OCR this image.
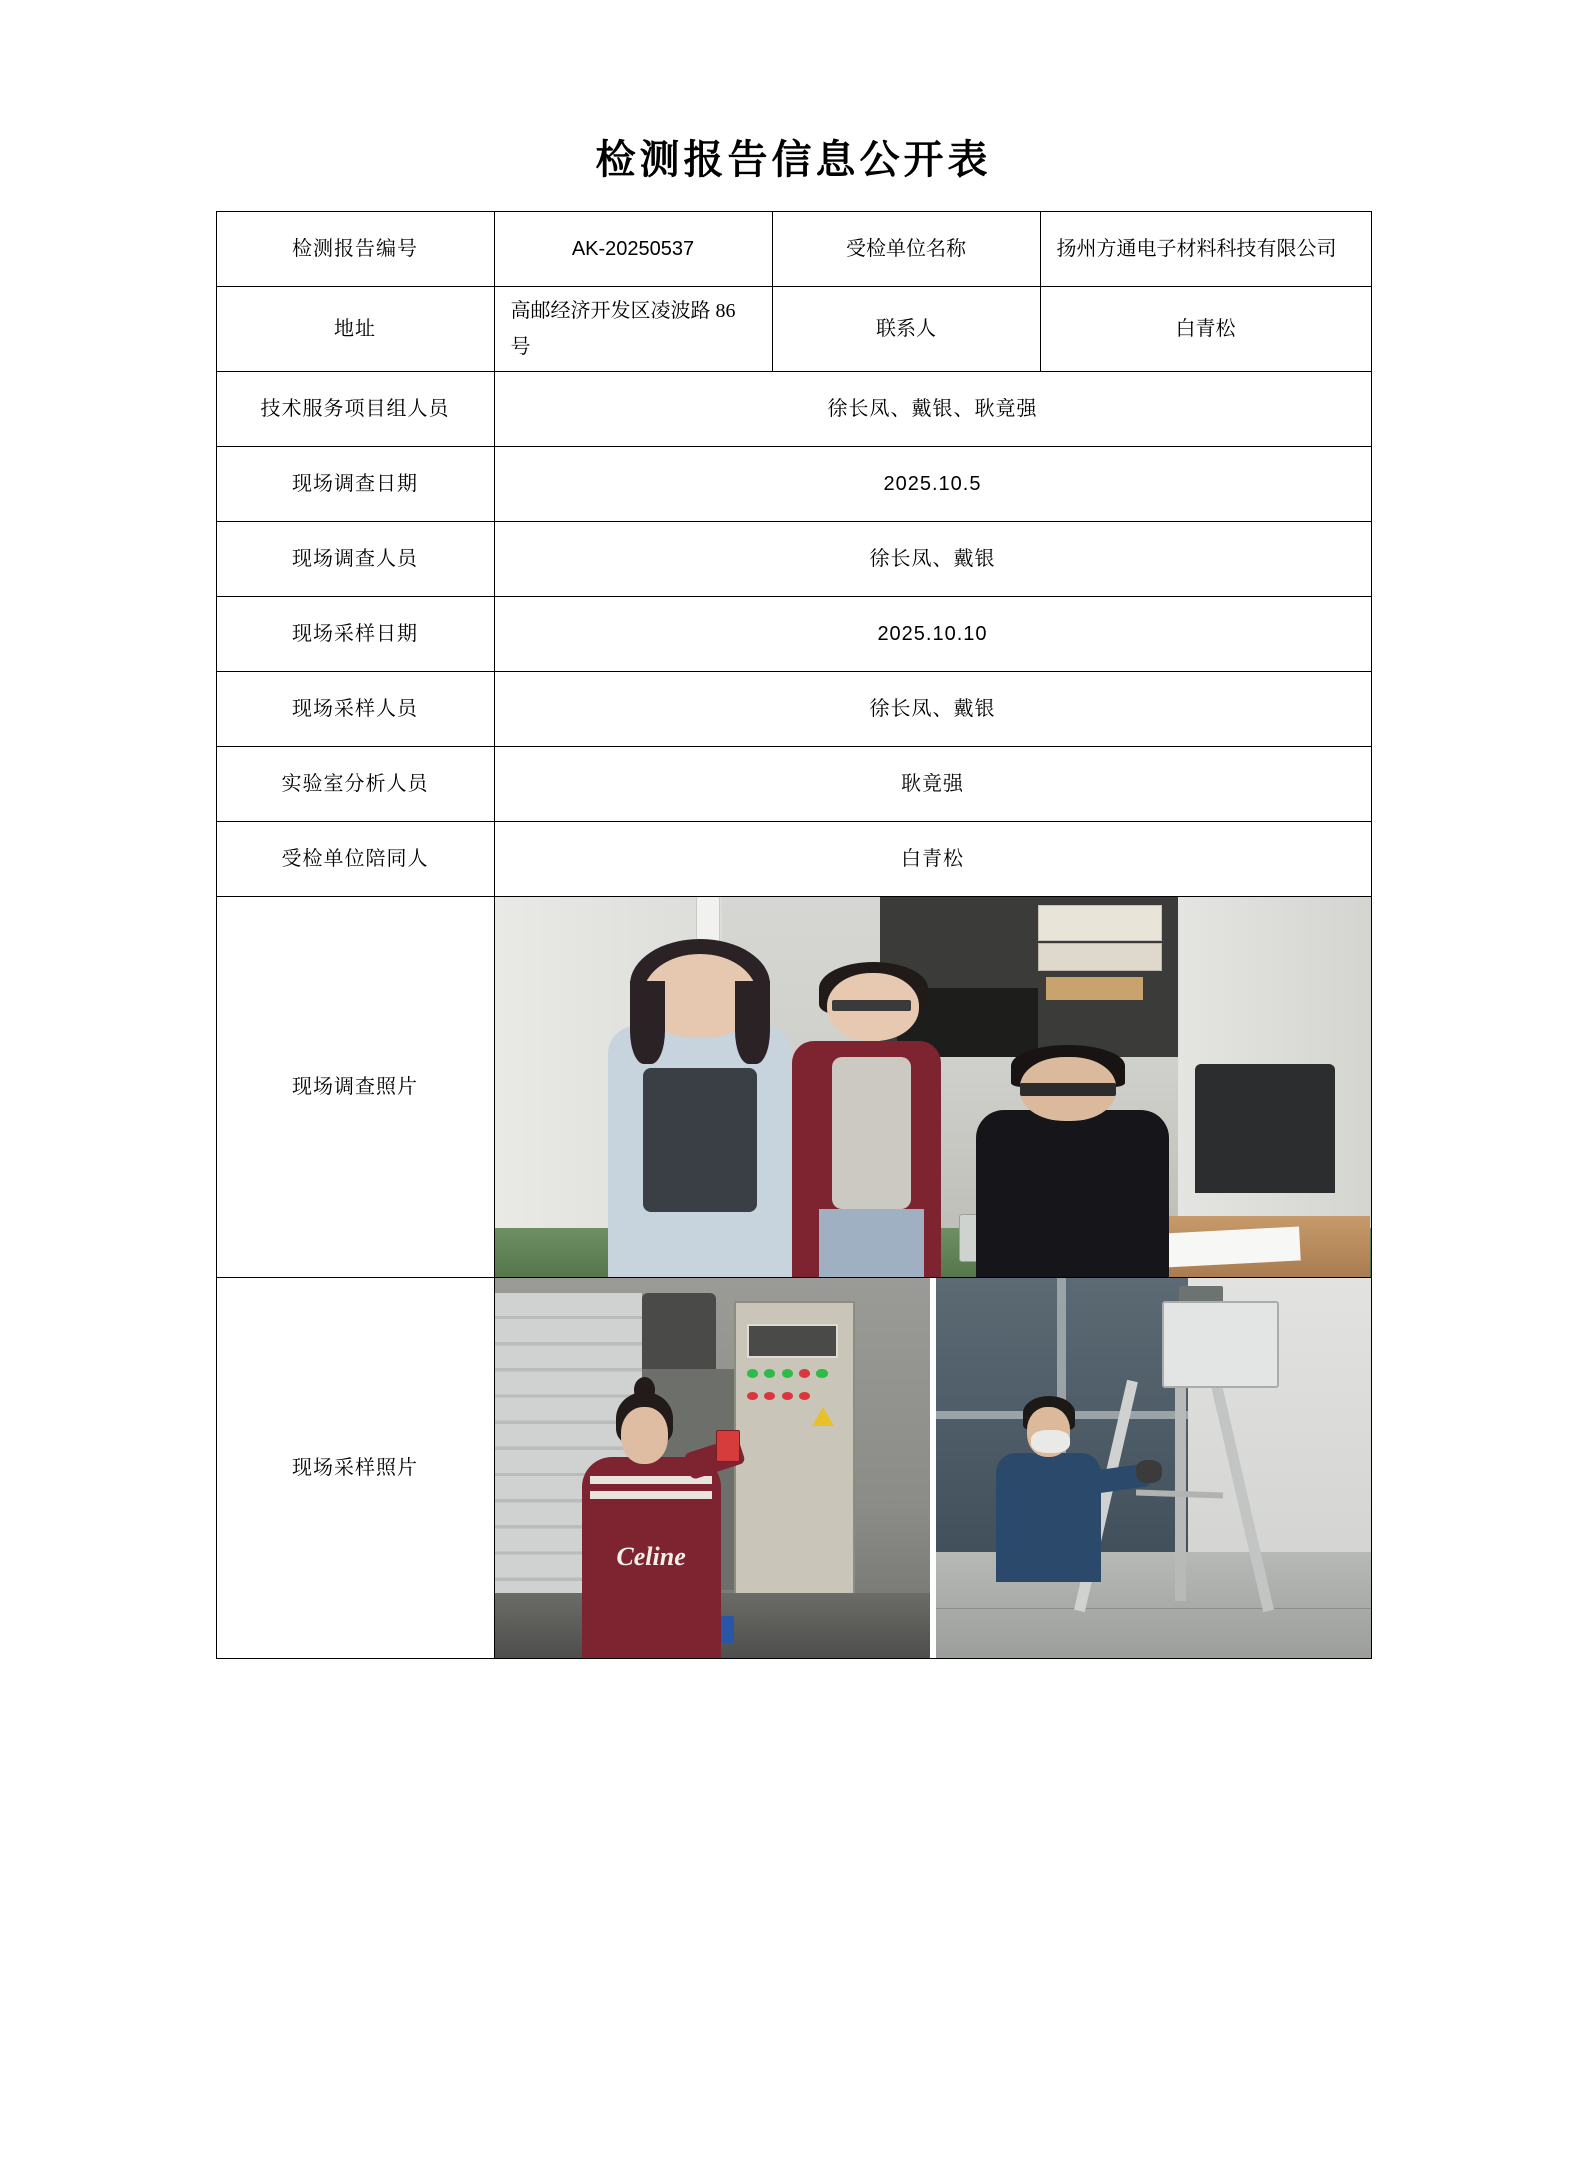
检测报告信息公开表
检测报告编号	AK-20250537	受检单位名称	扬州方通电子材料科技有限公司

地址	高邮经济开发区凌波路 86 号	联系人	白青松

技术服务项目组人员	徐长凤、戴银、耿竟强		

现场调查日期	2025.10.5		

现场调查人员	徐长凤、戴银		

现场采样日期	2025.10.10		

现场采样人员	徐长凤、戴银		

实验室分析人员	耿竟强		

受检单位陪同人	白青松		

现场调查照片			

现场采样照片	Celine		
